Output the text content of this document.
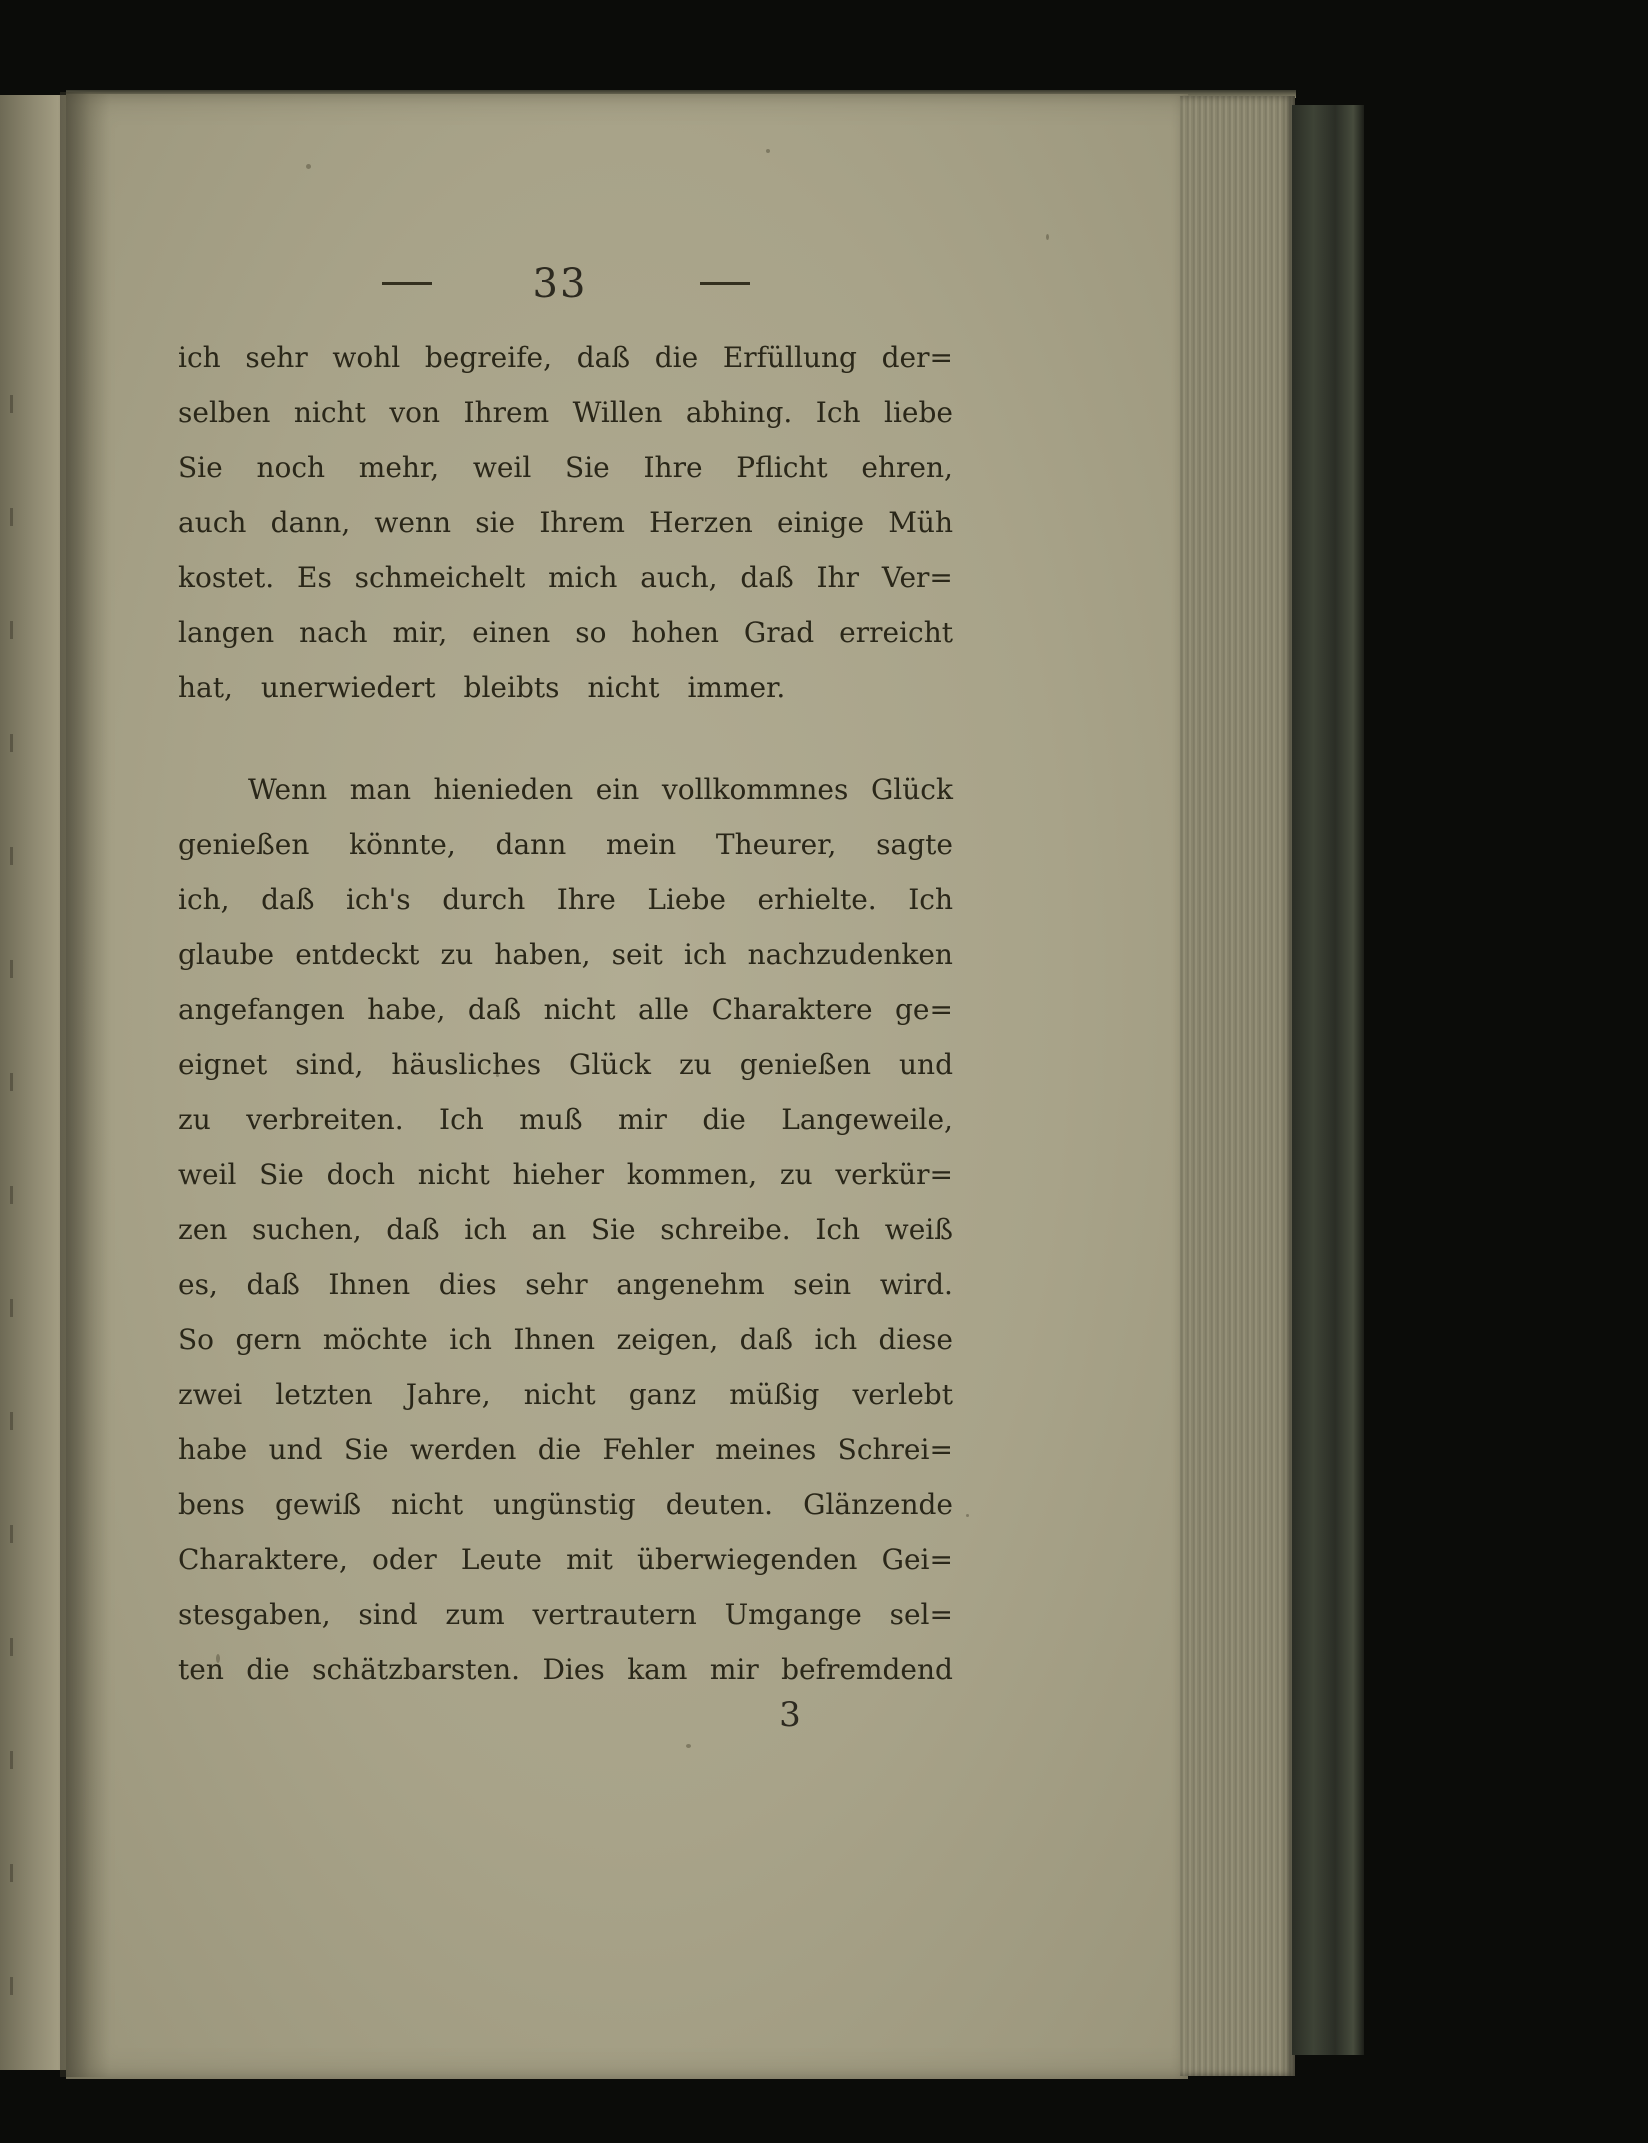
33
ich sehr wohl begreife, daß die Erfüllung der=
selben nicht von Ihrem Willen abhing. Ich liebe
Sie noch mehr, weil Sie Ihre Pflicht ehren,
auch dann, wenn sie Ihrem Herzen einige Müh
kostet. Es schmeichelt mich auch, daß Ihr Ver=
langen nach mir, einen so hohen Grad erreicht
hat, unerwiedert bleibts nicht immer.
Wenn man hienieden ein vollkommnes Glück
genießen könnte, dann mein Theurer, sagte
ich, daß ich's durch Ihre Liebe erhielte. Ich
glaube entdeckt zu haben, seit ich nachzudenken
angefangen habe, daß nicht alle Charaktere ge=
eignet sind, häusliches Glück zu genießen und
zu verbreiten. Ich muß mir die Langeweile,
weil Sie doch nicht hieher kommen, zu verkür=
zen suchen, daß ich an Sie schreibe. Ich weiß
es, daß Ihnen dies sehr angenehm sein wird.
So gern möchte ich Ihnen zeigen, daß ich diese
zwei letzten Jahre, nicht ganz müßig verlebt
habe und Sie werden die Fehler meines Schrei=
bens gewiß nicht ungünstig deuten. Glänzende
Charaktere, oder Leute mit überwiegenden Gei=
stesgaben, sind zum vertrautern Umgange sel=
ten die schätzbarsten. Dies kam mir befremdend
3
